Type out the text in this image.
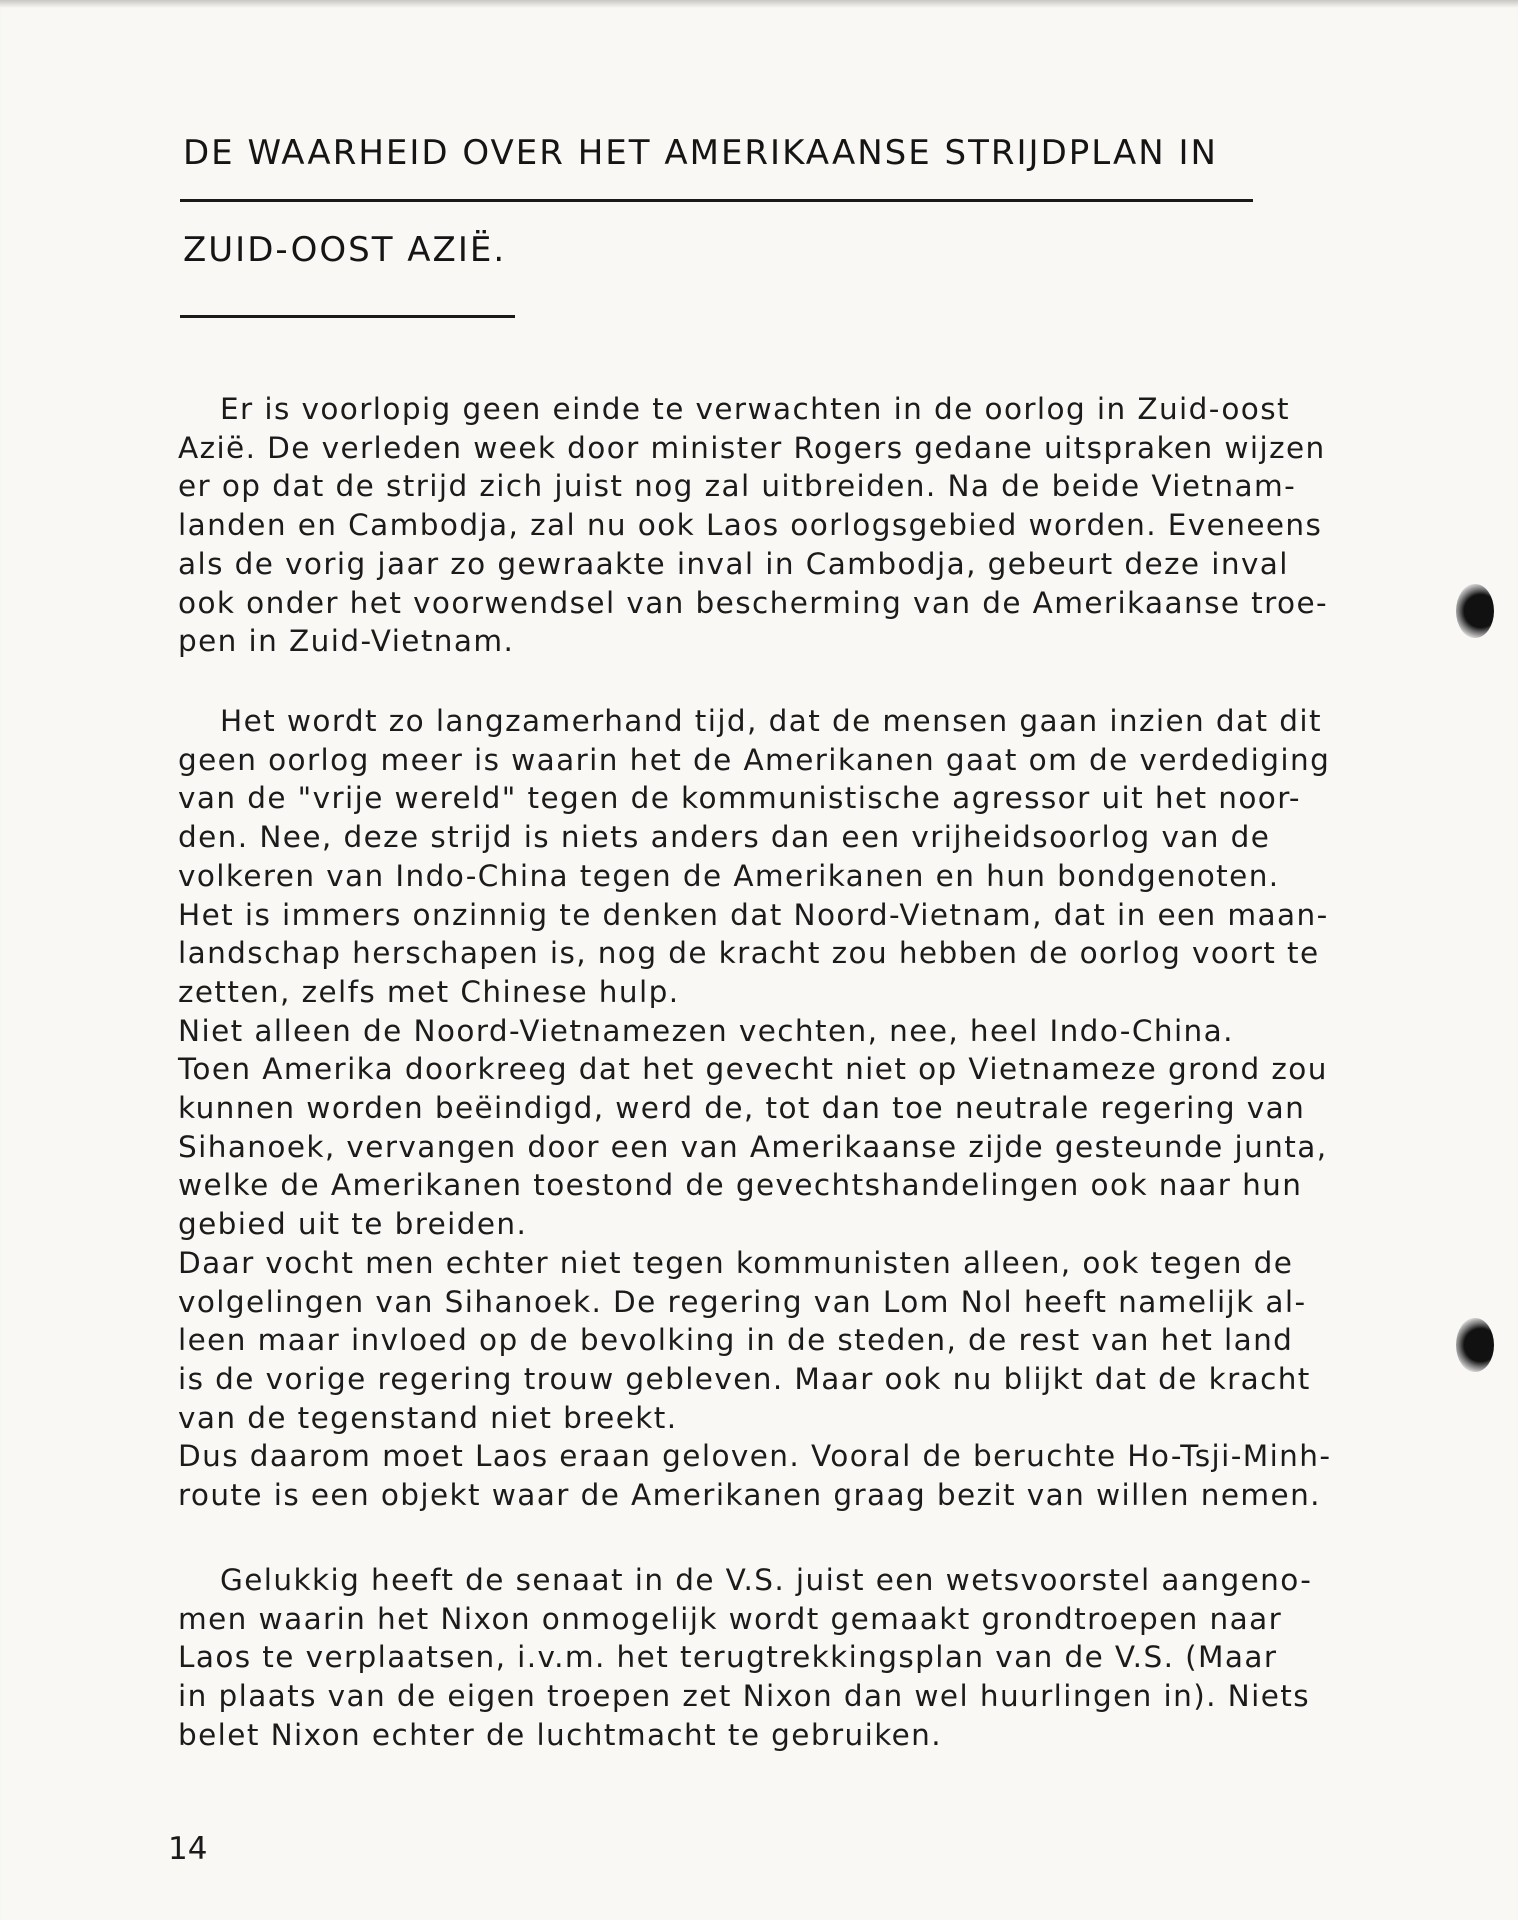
DE WAARHEID OVER HET AMERIKAANSE STRIJDPLAN IN
ZUID-OOST AZIË.
Er is voorlopig geen einde te verwachten in de oorlog in Zuid-oost
Azië. De verleden week door minister Rogers gedane uitspraken wijzen
er op dat de strijd zich juist nog zal uitbreiden. Na de beide Vietnam-
landen en Cambodja, zal nu ook Laos oorlogsgebied worden. Eveneens
als de vorig jaar zo gewraakte inval in Cambodja, gebeurt deze inval
ook onder het voorwendsel van bescherming van de Amerikaanse troe-
pen in Zuid-Vietnam.
Het wordt zo langzamerhand tijd, dat de mensen gaan inzien dat dit
geen oorlog meer is waarin het de Amerikanen gaat om de verdediging
van de "vrije wereld" tegen de kommunistische agressor uit het noor-
den. Nee, deze strijd is niets anders dan een vrijheidsoorlog van de
volkeren van Indo-China tegen de Amerikanen en hun bondgenoten.
Het is immers onzinnig te denken dat Noord-Vietnam, dat in een maan-
landschap herschapen is, nog de kracht zou hebben de oorlog voort te
zetten, zelfs met Chinese hulp.
Niet alleen de Noord-Vietnamezen vechten, nee, heel Indo-China.
Toen Amerika doorkreeg dat het gevecht niet op Vietnameze grond zou
kunnen worden beëindigd, werd de, tot dan toe neutrale regering van
Sihanoek, vervangen door een van Amerikaanse zijde gesteunde junta,
welke de Amerikanen toestond de gevechtshandelingen ook naar hun
gebied uit te breiden.
Daar vocht men echter niet tegen kommunisten alleen, ook tegen de
volgelingen van Sihanoek. De regering van Lom Nol heeft namelijk al-
leen maar invloed op de bevolking in de steden, de rest van het land
is de vorige regering trouw gebleven. Maar ook nu blijkt dat de kracht
van de tegenstand niet breekt.
Dus daarom moet Laos eraan geloven. Vooral de beruchte Ho-Tsji-Minh-
route is een objekt waar de Amerikanen graag bezit van willen nemen.
Gelukkig heeft de senaat in de V.S. juist een wetsvoorstel aangeno-
men waarin het Nixon onmogelijk wordt gemaakt grondtroepen naar
Laos te verplaatsen, i.v.m. het terugtrekkingsplan van de V.S. (Maar
in plaats van de eigen troepen zet Nixon dan wel huurlingen in). Niets
belet Nixon echter de luchtmacht te gebruiken.
14
